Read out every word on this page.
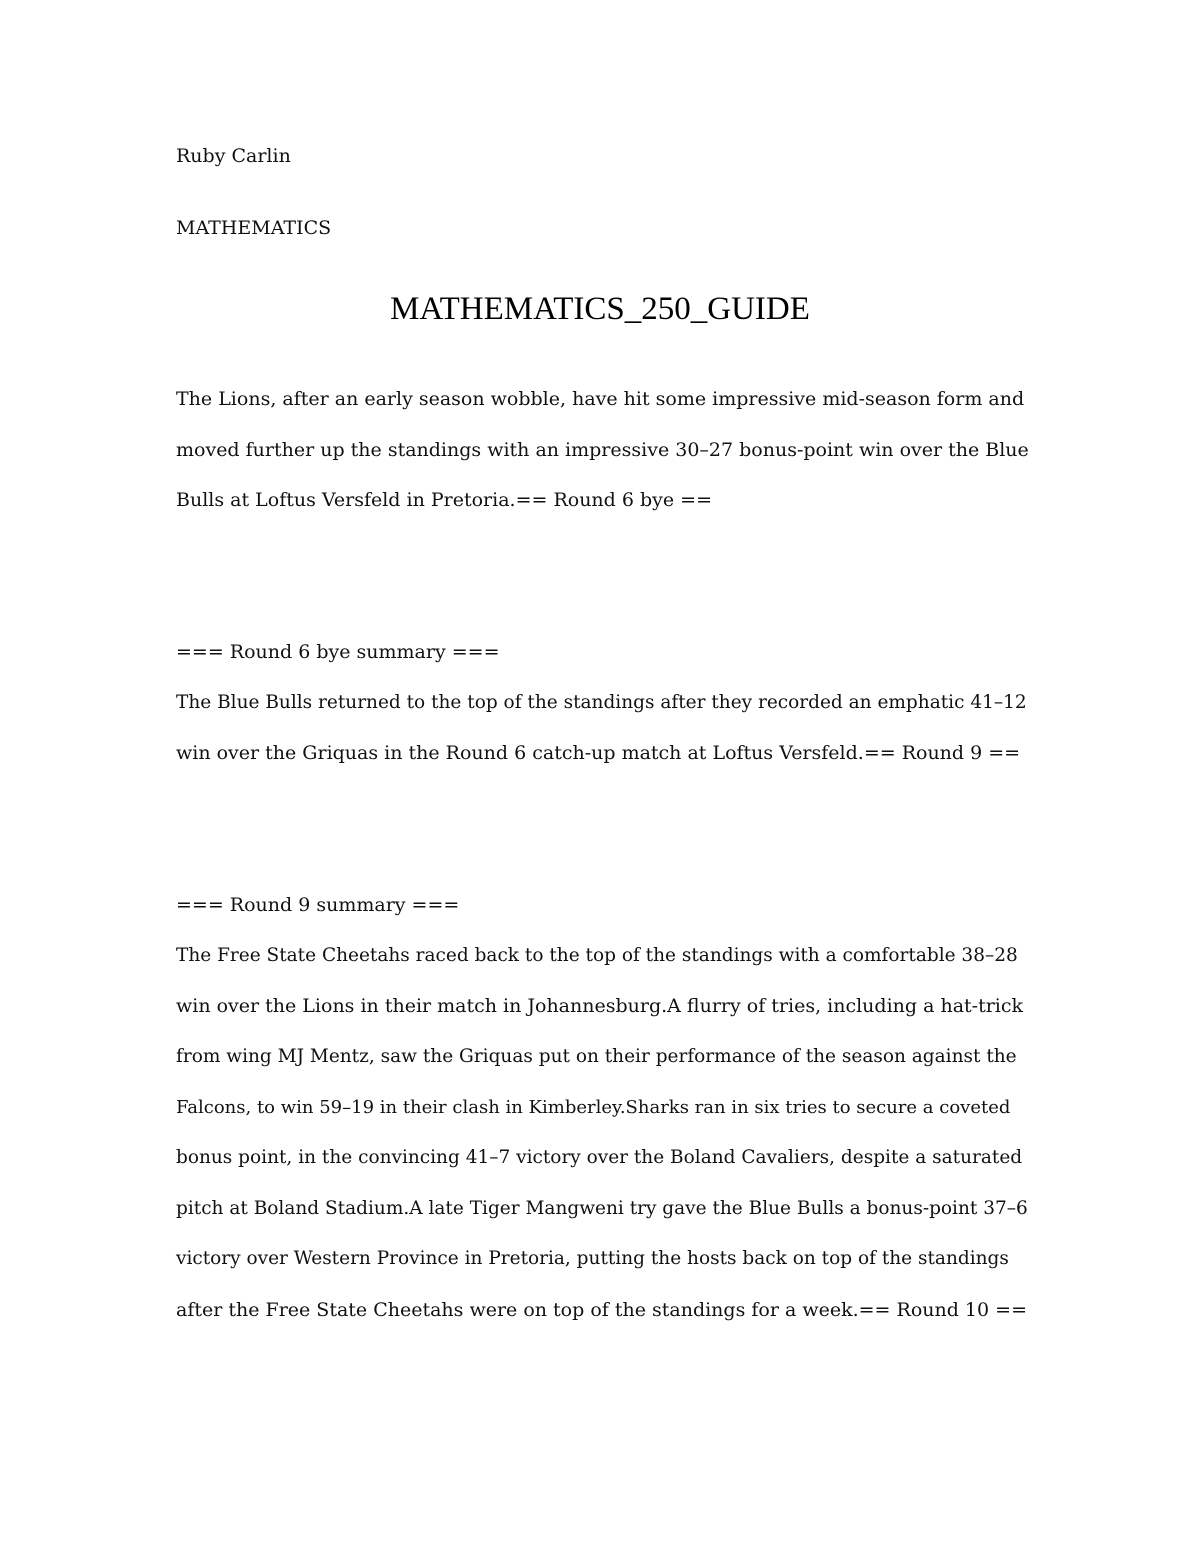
Ruby Carlin
MATHEMATICS
MATHEMATICS_250_GUIDE
The Lions, after an early season wobble, have hit some impressive mid-season form and
moved further up the standings with an impressive 30–27 bonus-point win over the Blue
Bulls at Loftus Versfeld in Pretoria.== Round 6 bye ==
=== Round 6 bye summary ===
The Blue Bulls returned to the top of the standings after they recorded an emphatic 41–12
win over the Griquas in the Round 6 catch-up match at Loftus Versfeld.== Round 9 ==
=== Round 9 summary ===
The Free State Cheetahs raced back to the top of the standings with a comfortable 38–28
win over the Lions in their match in Johannesburg.A flurry of tries, including a hat-trick
from wing MJ Mentz, saw the Griquas put on their performance of the season against the
Falcons, to win 59–19 in their clash in Kimberley.Sharks ran in six tries to secure a coveted
bonus point, in the convincing 41–7 victory over the Boland Cavaliers, despite a saturated
pitch at Boland Stadium.A late Tiger Mangweni try gave the Blue Bulls a bonus-point 37–6
victory over Western Province in Pretoria, putting the hosts back on top of the standings
after the Free State Cheetahs were on top of the standings for a week.== Round 10 ==
